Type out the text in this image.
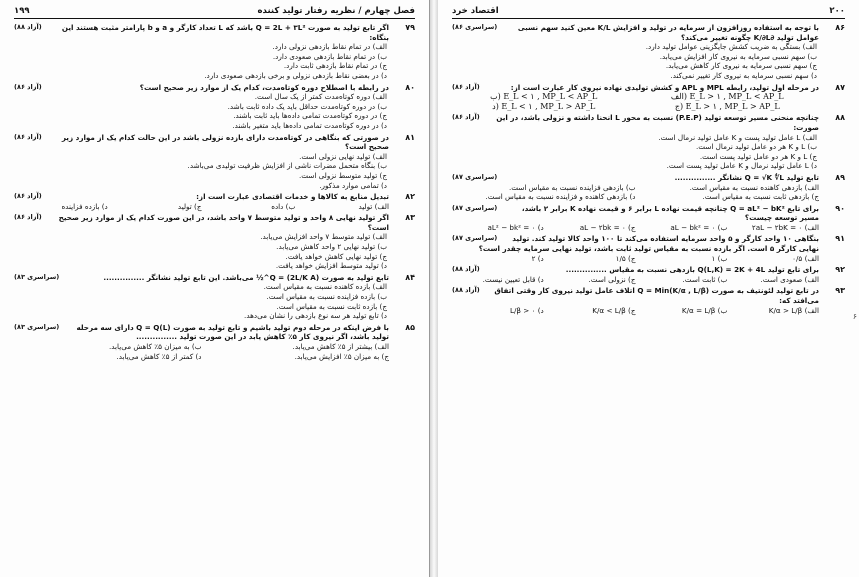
فصل چهارم / نظریه رفتار تولید کننده
۱۹۹
۷۹
(آزاد ۸۸)	اگر تابع تولید به صورت Q = 2L + ۳L² باشد که L تعداد کارگر و a و b پارامتر مثبت هستند این بنگاه:
الف) در تمام نقاط بازدهی نزولی دارد.
ب) در تمام نقاط بازدهی صعودی دارد.
ج) در تمام نقاط بازدهی ثابت دارد.
د) در بعضی نقاط بازدهی نزولی و برخی بازدهی صعودی دارد.
۸۰
(آزاد ۸۶)	در رابطه با اصطلاح دوره کوتاه‌مدت، کدام یک از موارد زیر صحیح است؟
الف) دوره کوتاه‌مدت کمتر از یک سال است.
ب) در دوره کوتاه‌مدت حداقل باید یک داده ثابت باشد.
ج) در دوره کوتاه‌مدت تمامی داده‌ها باید ثابت باشند.
د) در دوره کوتاه‌مدت تمامی داده‌ها باید متغیر باشند.
۸۱
(آزاد ۸۶)	در صورتی که بنگاهی در کوتاه‌مدت دارای بازده نزولی باشد در این حالت کدام یک از موارد زیر صحیح است؟
الف) تولید نهایی نزولی است.
ب) بنگاه متحمل مضرات ناشی از افزایش ظرفیت تولیدی می‌باشد.
ج) تولید متوسط نزولی است.
د) تمامی موارد مذکور.
۸۲
(آزاد ۸۶)	تبدیل منابع به کالاها و خدمات اقتصادی عبارت است از:
الف) تولید
ب) داده
ج) تولید
د) بازده فزاینده
۸۳
(آزاد ۸۶) اگر تولید نهایی ۸ واحد و تولید متوسط ۷ واحد باشد، در این صورت کدام یک از موارد زیر صحیح است؟
الف) تولید متوسط ۷ واحد افزایش می‌یابد.
ب) تولید نهایی ۲ واحد کاهش می‌یابد.
ج) تولید نهایی کاهش خواهد یافت.
د) تولید متوسط افزایش خواهد یافت.
۸۴
(سراسری ۸۳)	تابع تولید به صورت Q = (2L/K A)^½ می‌باشد. این تابع تولید نشانگر ...............
الف) بازده کاهنده نسبت به مقیاس است.
ب) بازده فزاینده نسبت به مقیاس است.
ج) بازده ثابت نسبت به مقیاس است.
د) تابع تولید هر سه نوع بازدهی را نشان می‌دهد.
۸۵
(سراسری ۸۳) با فرض اینکه در مرحله دوم تولید باشیم و تابع تولید به صورت Q = Q(L) دارای سه مرحله تولید باشد، اگر نیروی کار ۵٪ کاهش یابد در این صورت تولید ...............
الف) بیشتر از ۵٪ کاهش می‌یابد.
ب) به میزان ۵٪ کاهش می‌یابد.
ج) به میزان ۵٪ افزایش می‌یابد.
د) کمتر از ۵٪ کاهش می‌یابد.
۲۰۰
اقتصاد خرد
۸۶
(سراسری ۸۶)	با توجه به استفاده روزافزون از سرمایه در تولید و افزایش K/L معین کنید سهم نسبی عوامل تولید ∂K/∂L چگونه تغییر می‌کند؟
الف) بستگی به ضریب کشش جایگزینی عوامل تولید دارد.
ب) سهم نسبی سرمایه به نیروی کار افزایش می‌یابد.
ج) سهم نسبی سرمایه به نیروی کار کاهش می‌یابد.
د) سهم نسبی سرمایه به نیروی کار تغییر نمی‌کند.
۸۷
(آزاد ۸۶)	در مرحله اول تولید، رابطه MPL و APL و کشش تولیدی نهاده نیروی کار عبارت است از:
الف) E_L > ۱ , MP_L < AP_L
ب) E_L < ۱ , MP_L < AP_L
ج) E_L > ۱ , MP_L > AP_L
د) E_L < ۱ , MP_L > AP_L
۸۸
(آزاد ۸۶) چنانچه منحنی مسیر توسعه تولید (P.E.P) نسبت به محور L انحنا داشته و نزولی باشد، در این صورت:
الف) L عامل تولید پست و K عامل تولید نرمال است.
ب) L و K هر دو عامل تولید نرمال است.
ج) L و K هر دو عامل تولید پست است.
د) L عامل تولید نرمال و K عامل تولید پست است.
۸۹
(سراسری ۸۷)	تابع تولید Q = √K ∜L نشانگر ...............
الف) بازدهی کاهنده نسبت به مقیاس است.
ب) بازدهی فزاینده نسبت به مقیاس است.
ج) بازدهی ثابت نسبت به مقیاس است.
د) بازدهی کاهنده و فزاینده نسبت به مقیاس است.
۹۰
(سراسری ۸۷)	برای تابع Q = aL² − bK² چنانچه قیمت نهاده L برابر ۶ و قیمت نهاده K برابر ۲ باشد، مسیر توسعه چیست؟
الف) ۲aL − ۲bK = ۰
ب) aL − bk² = ۰
ج) aL − ۲bk = ۰
د) aL² − bk² = ۰
۹۱
(سراسری ۸۷) بنگاهی ۱۰ واحد کارگر و ۵ واحد سرمایه استفاده می‌کند تا ۱۰۰ واحد کالا تولید کند. تولید نهایی کارگر ۵ است. اگر بازده نسبت به مقیاس تولید ثابت باشد، تولید نهایی سرمایه چقدر است؟
الف) ۰/۵
ب) ۱
ج) ۱/۵
د) ۲
۹۲
(آزاد ۸۸)	برای تابع تولید Q(L,K) = 2K + 4L بازدهی نسبت به مقیاس ...............
الف) صعودی است.
ب) ثابت است.
ج) نزولی است.
د) قابل تعیین نیست.
۹۳
(آزاد ۸۸) در تابع تولید لئونتیف به صورت Q = Min(K/α , L/β) اتلاف عامل تولید نیروی کار وقتی اتفاق می‌افتد که:
الف) K/α > L/β
ب) K/α = L/β
ج) K/α < L/β
د) L/β > ۰
۶
